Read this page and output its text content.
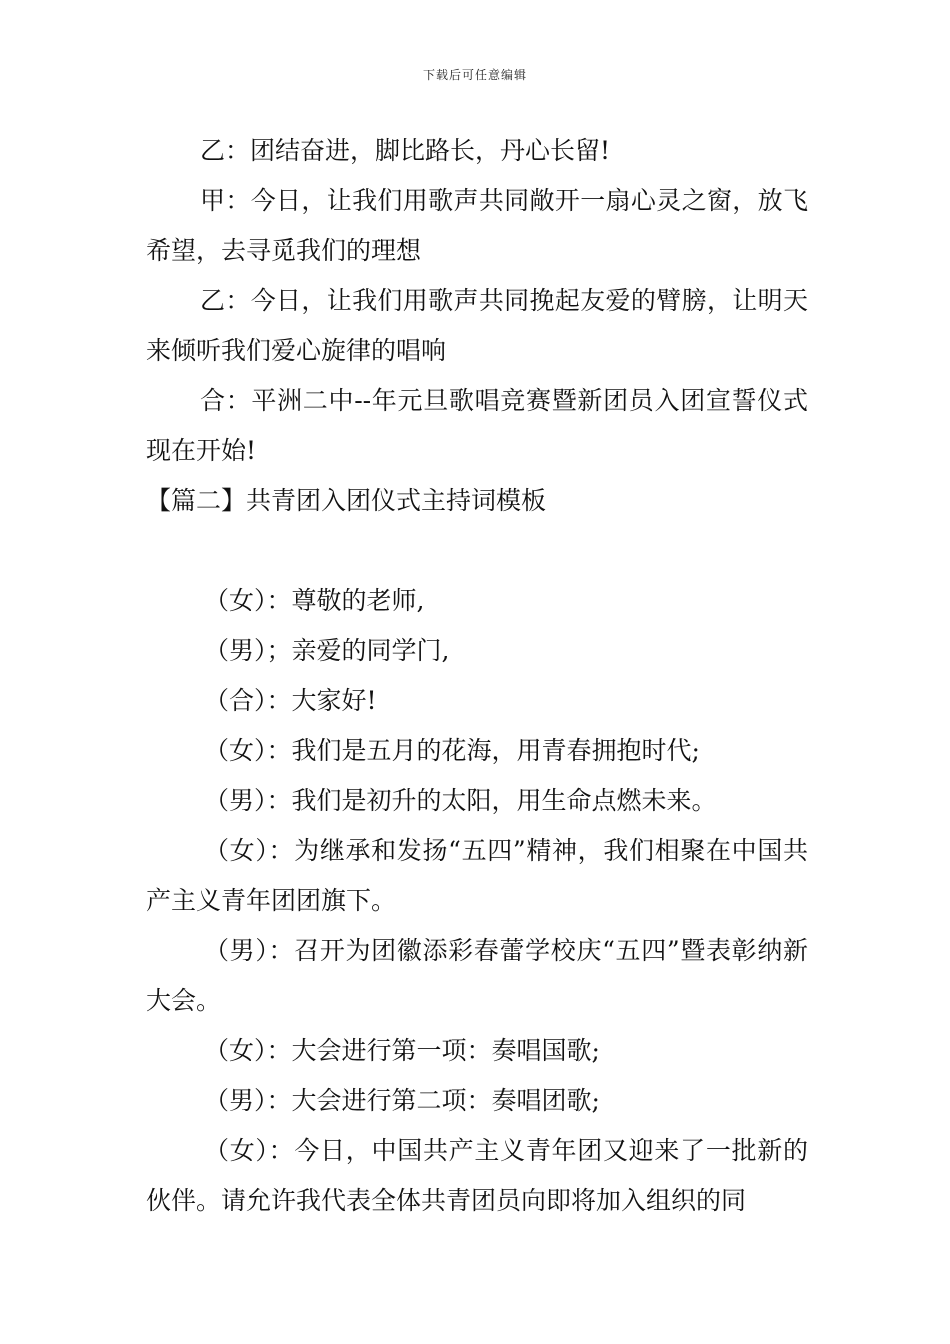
下载后可任意编辑

乙：团结奋进，脚比路长，丹心长留!

甲：今日，让我们用歌声共同敞开一扇心灵之窗，放飞希望，去寻觅我们的理想

乙：今日，让我们用歌声共同挽起友爱的臂膀，让明天来倾听我们爱心旋律的唱响

合：平洲二中--年元旦歌唱竞赛暨新团员入团宣誓仪式现在开始!

【篇二】共青团入团仪式主持词模板

（女）：尊敬的老师,

（男）；亲爱的同学门,

（合）：大家好!

（女）：我们是五月的花海，用青春拥抱时代;

（男）：我们是初升的太阳，用生命点燃未来。

（女）：为继承和发扬“五四”精神，我们相聚在中国共产主义青年团团旗下。

（男）：召开为团徽添彩春蕾学校庆“五四”暨表彰纳新大会。

（女）：大会进行第一项：奏唱国歌;

（男）：大会进行第二项：奏唱团歌;

（女）：今日，中国共产主义青年团又迎来了一批新的伙伴。请允许我代表全体共青团员向即将加入组织的同
